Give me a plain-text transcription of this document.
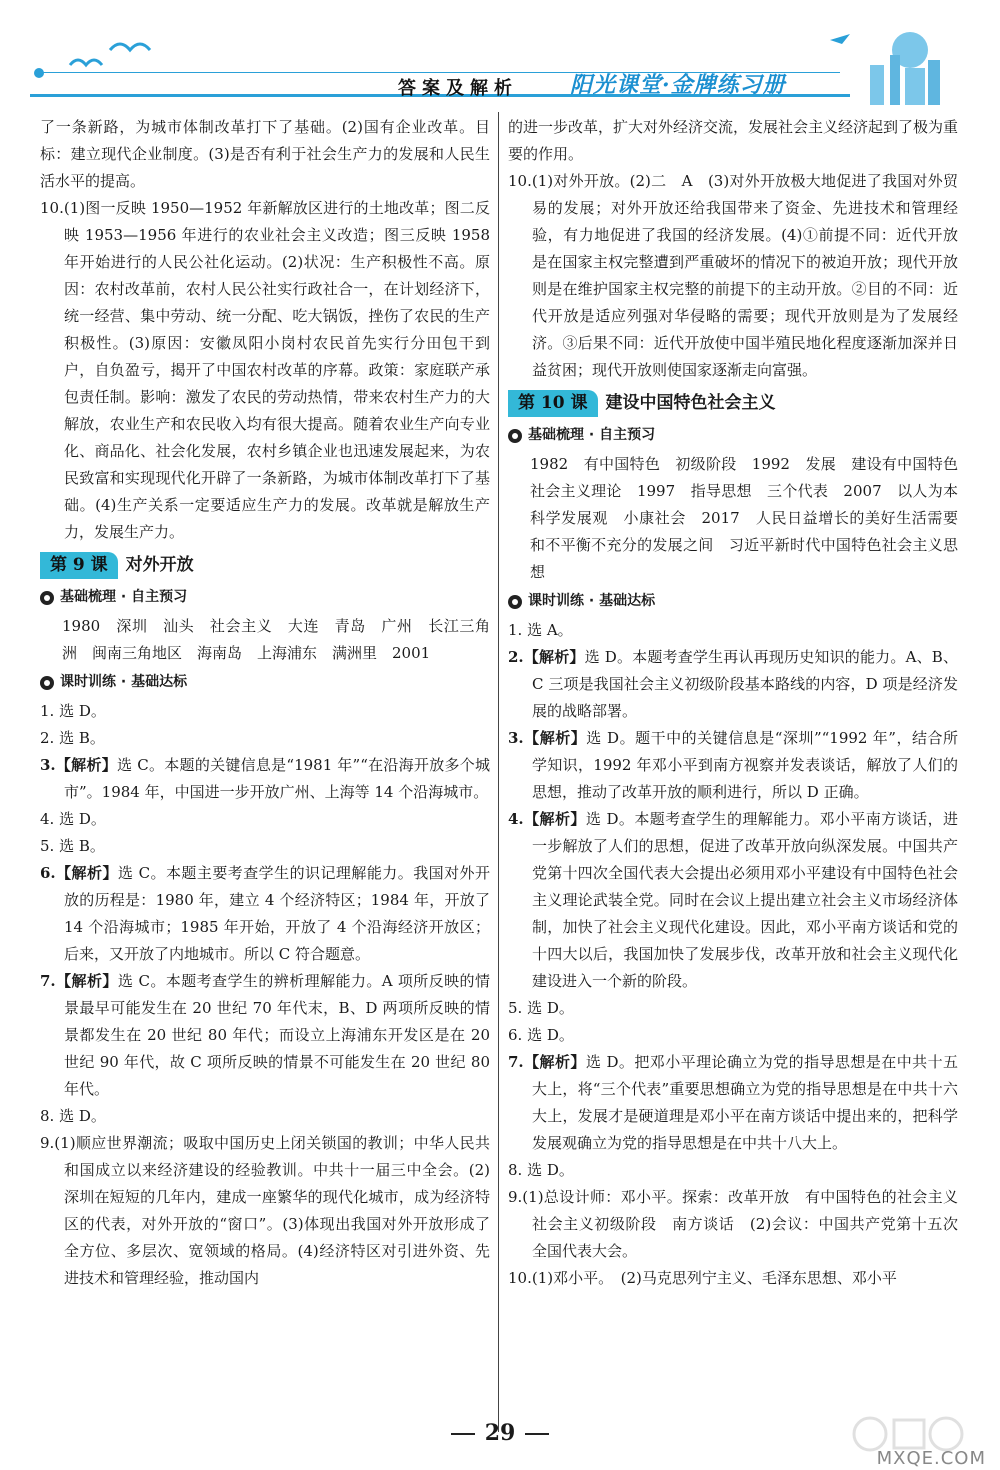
答案及解析 阳光课堂·金牌练习册

了一条新路，为城市体制改革打下了基础。(2)国有企业改革。目标：建立现代企业制度。(3)是否有利于社会生产力的发展和人民生活水平的提高。

10.(1)图一反映 1950—1952 年新解放区进行的土地改革；图二反映 1953—1956 年进行的农业社会主义改造；图三反映 1958 年开始进行的人民公社化运动。(2)状况：生产积极性不高。原因：农村改革前，农村人民公社实行政社合一，在计划经济下，统一经营、集中劳动、统一分配、吃大锅饭，挫伤了农民的生产积极性。(3)原因：安徽凤阳小岗村农民首先实行分田包干到户，自负盈亏，揭开了中国农村改革的序幕。政策：家庭联产承包责任制。影响：激发了农民的劳动热情，带来农村生产力的大解放，农业生产和农民收入均有很大提高。随着农业生产向专业化、商品化、社会化发展，农村乡镇企业也迅速发展起来，为农民致富和实现现代化开辟了一条新路，为城市体制改革打下了基础。(4)生产关系一定要适应生产力的发展。改革就是解放生产力，发展生产力。

第 9 课	对外开放
基础梳理 · 自主预习

1980　深圳　汕头　社会主义　大连　青岛　广州　长江三角洲　闽南三角地区　海南岛　上海浦东　满洲里　2001

课时训练 · 基础达标

1. 选 D。

2. 选 B。

3.【解析】选 C。本题的关键信息是“1981 年”“在沿海开放多个城市”。1984 年，中国进一步开放广州、上海等 14 个沿海城市。

4. 选 D。

5. 选 B。

6.【解析】选 C。本题主要考查学生的识记理解能力。我国对外开放的历程是：1980 年，建立 4 个经济特区；1984 年，开放了 14 个沿海城市；1985 年开始，开放了 4 个沿海经济开放区；后来，又开放了内地城市。所以 C 符合题意。

7.【解析】选 C。本题考查学生的辨析理解能力。A 项所反映的情景最早可能发生在 20 世纪 70 年代末，B、D 两项所反映的情景都发生在 20 世纪 80 年代；而设立上海浦东开发区是在 20 世纪 90 年代，故 C 项所反映的情景不可能发生在 20 世纪 80 年代。

8. 选 D。

9.(1)顺应世界潮流；吸取中国历史上闭关锁国的教训；中华人民共和国成立以来经济建设的经验教训。中共十一届三中全会。(2)深圳在短短的几年内，建成一座繁华的现代化城市，成为经济特区的代表，对外开放的“窗口”。(3)体现出我国对外开放形成了全方位、多层次、宽领域的格局。(4)经济特区对引进外资、先进技术和管理经验，推动国内

的进一步改革，扩大对外经济交流，发展社会主义经济起到了极为重要的作用。

10.(1)对外开放。(2)二　A　(3)对外开放极大地促进了我国对外贸易的发展；对外开放还给我国带来了资金、先进技术和管理经验，有力地促进了我国的经济发展。(4)①前提不同：近代开放是在国家主权完整遭到严重破坏的情况下的被迫开放；现代开放则是在维护国家主权完整的前提下的主动开放。②目的不同：近代开放是适应列强对华侵略的需要；现代开放则是为了发展经济。③后果不同：近代开放使中国半殖民地化程度逐渐加深并日益贫困；现代开放则使国家逐渐走向富强。

第 10 课	建设中国特色社会主义
基础梳理 · 自主预习

1982　有中国特色　初级阶段　1992　发展　建设有中国特色社会主义理论　1997　指导思想　三个代表　2007　以人为本　科学发展观　小康社会　2017　人民日益增长的美好生活需要和不平衡不充分的发展之间　习近平新时代中国特色社会主义思想

课时训练 · 基础达标

1. 选 A。

2.【解析】选 D。本题考查学生再认再现历史知识的能力。A、B、C 三项是我国社会主义初级阶段基本路线的内容，D 项是经济发展的战略部署。

3.【解析】选 D。题干中的关键信息是“深圳”“1992 年”，结合所学知识，1992 年邓小平到南方视察并发表谈话，解放了人们的思想，推动了改革开放的顺利进行，所以 D 正确。

4.【解析】选 D。本题考查学生的理解能力。邓小平南方谈话，进一步解放了人们的思想，促进了改革开放向纵深发展。中国共产党第十四次全国代表大会提出必须用邓小平建设有中国特色社会主义理论武装全党。同时在会议上提出建立社会主义市场经济体制，加快了社会主义现代化建设。因此，邓小平南方谈话和党的十四大以后，我国加快了发展步伐，改革开放和社会主义现代化建设进入一个新的阶段。

5. 选 D。

6. 选 D。

7.【解析】选 D。把邓小平理论确立为党的指导思想是在中共十五大上，将“三个代表”重要思想确立为党的指导思想是在中共十六大上，发展才是硬道理是邓小平在南方谈话中提出来的，把科学发展观确立为党的指导思想是在中共十八大上。

8. 选 D。

9.(1)总设计师：邓小平。探索：改革开放　有中国特色的社会主义　社会主义初级阶段　南方谈话　(2)会议：中国共产党第十五次全国代表大会。

10.(1)邓小平。　(2)马克思列宁主义、毛泽东思想、邓小平

29
MXQE.COM
